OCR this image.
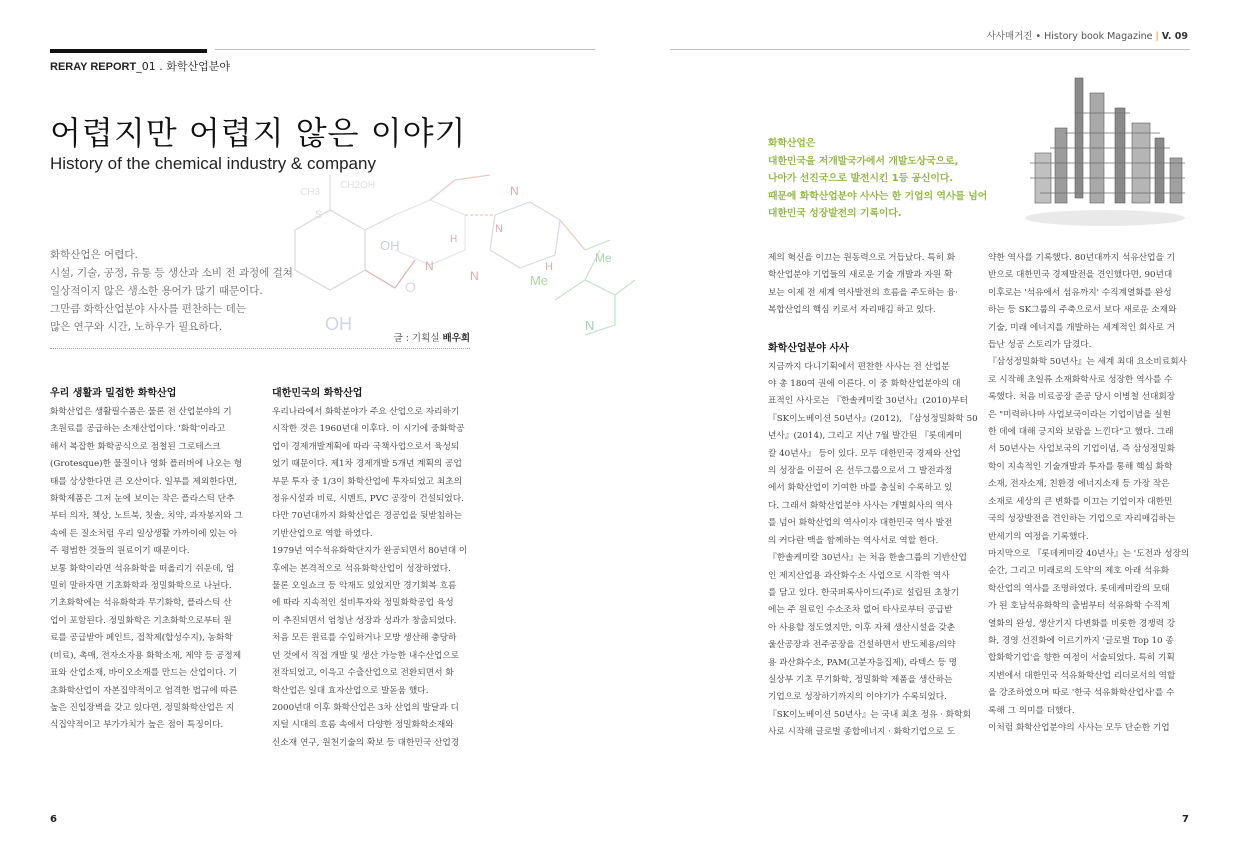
RERAY REPORT_01 . 화학산업분야
OH
OH
O
S
N
N
N
H
Me
Me
N
CH3
CH2OH
H
N
어렵지만 어렵지 않은 이야기
History of the chemical industry & company
화학산업은 어렵다.
시설, 기술, 공정, 유통 등 생산과 소비 전 과정에 걸쳐
일상적이지 않은 생소한 용어가 많기 때문이다.
그만큼 화학산업분야 사사를 편찬하는 데는
많은 연구와 시간, 노하우가 필요하다.
글 : 기획실 배우희
우리 생활과 밀접한 화학산업
화학산업은 생활필수품은 물론 전 산업분야의 기
초원료를 공급하는 소재산업이다. '화학'이라고
해서 복잡한 화학공식으로 점철된 그로테스크
(Grotesque)한 물질이나 영화 플러버에 나오는 형
태를 상상한다면 큰 오산이다. 일부를 제외한다면,
화학제품은 그저 눈에 보이는 작은 플라스틱 단추
부터 의자, 책상, 노트북, 칫솔, 치약, 과자봉지와 그
속에 든 질소처럼 우리 일상생활 가까이에 있는 아
주 평범한 것들의 원료이기 때문이다.
보통 화학이라면 석유화학을 떠올리기 쉬운데, 엄
밀히 말하자면 기초화학과 정밀화학으로 나뉜다.
기초화학에는 석유화학과 무기화학, 플라스틱 산
업이 포함된다. 정밀화학은 기초화학으로부터 원
료를 공급받아 페인트, 접착제(합성수지), 농화학
(비료), 촉매, 전자소자용 화학소재, 제약 등 공정제
표와 산업소재, 바이오소재를 만드는 산업이다. 기
초화학산업이 자본집약적이고 엄격한 법규에 따른
높은 진입장벽을 갖고 있다면, 정밀화학산업은 지
식집약적이고 부가가치가 높은 점이 특징이다.
대한민국의 화학산업
우리나라에서 화학분야가 주요 산업으로 자리하기
시작한 것은 1960년대 이후다. 이 시기에 중화학공
업이 경제개발계획에 따라 국책사업으로서 육성되
었기 때문이다. 제1차 경제개발 5개년 계획의 공업
부문 투자 중 1/3이 화학산업에 투자되었고 최초의
정유시설과 비료, 시멘트, PVC 공장이 건설되었다.
다만 70년대까지 화학산업은 경공업을 뒷받침하는
기반산업으로 역할 하였다.
1979년 여수석유화학단지가 완공되면서 80년대 이
후에는 본격적으로 석유화학산업이 성장하였다.
물론 오일쇼크 등 악재도 있었지만 경기회복 흐름
에 따라 지속적인 설비투자와 정밀화학공업 육성
이 추진되면서 엄청난 성장과 성과가 창출되었다.
처음 모든 원료를 수입하거나 모방 생산해 충당하
던 것에서 직접 개발 및 생산 가능한 내수산업으로
전작되었고, 이윽고 수출산업으로 전환되면서 화
학산업은 일대 효자산업으로 발돋움 했다.
2000년대 이후 화학산업은 3차 산업의 발달과 디
지털 시대의 흐름 속에서 다양한 정밀화학소재와
신소재 연구, 원천기술의 확보 등 대한민국 산업경
6
사사매거진 • History book Magazine | V. 09
화학산업은
대한민국을 저개발국가에서 개발도상국으로,
나아가 선진국으로 발전시킨 1등 공신이다.
때문에 화학산업분야 사사는 한 기업의 역사를 넘어
대한민국 성장발전의 기록이다.
제의 혁신을 이끄는 원동력으로 거듭났다. 특히 화
학산업분야 기업들의 새로운 기술 개발과 자원 확
보는 이제 전 세계 역사발전의 흐름을 주도하는 융·
복합산업의 핵심 키로서 자리매김 하고 있다.
화학산업분야 사사
지금까지 다니기획에서 편찬한 사사는 전 산업분
야 총 180여 권에 이른다. 이 중 화학산업분야의 대
표적인 사사로는 『한솔케미칼 30년사』(2010)부터
『SK이노베이션 50년사』(2012), 『삼성정밀화학 50
년사』(2014), 그리고 지난 7월 발간된 『롯데케미
칼 40년사』 등이 있다. 모두 대한민국 경제와 산업
의 성장을 이끌어 온 선두그룹으로서 그 발전과정
에서 화학산업이 기여한 바를 충실히 수록하고 있
다. 그래서 화학산업분야 사사는 개별회사의 역사
를 넘어 화학산업의 역사이자 대한민국 역사 발전
의 커다란 맥을 함께하는 역사서로 역할 한다.
『한솔케미칼 30년사』는 처음 한솔그룹의 기반산업
인 제지산업용 과산화수소 사업으로 시작한 역사
를 담고 있다. 한국퍼록사이드(주)로 설립된 초창기
에는 주 원료인 수소조차 없어 타사로부터 공급받
아 사용할 정도였지만, 이후 자체 생산시설을 갖춘
울산공장과 전주공장을 건설하면서 반도체용/의약
용 과산화수소, PAM(고분자응집제), 라텍스 등 명
실상부 기초 무기화학, 정밀화학 제품을 생산하는
기업으로 성장하기까지의 이야기가 수록되었다.
『SK이노베이션 50년사』는 국내 최초 정유 · 화학회
사로 시작해 글로벌 종합에너지 · 화학기업으로 도
약한 역사를 기록했다. 80년대까지 석유산업을 기
반으로 대한민국 경제발전을 견인했다면, 90년대
이후로는 '석유에서 섬유까지' 수직계열화를 완성
하는 등 SK그룹의 주축으로서 보다 새로운 소재와
기술, 미래 에너지를 개발하는 세계적인 회사로 거
듭난 성공 스토리가 담겼다.
『삼성정밀화학 50년사』는 세계 최대 요소비료회사
로 시작해 초일류 소재화학사로 성장한 역사를 수
록했다. 처음 비료공장 준공 당시 이병철 선대회장
은 "미력하나마 사업보국이라는 기업이념을 실현
한 데에 대해 긍지와 보람을 느낀다"고 했다. 그래
서 50년사는 사업보국의 기업이념, 즉 삼성정밀화
학이 지속적인 기술개발과 투자를 통해 핵심 화학
소재, 전자소재, 친환경 에너지소재 등 가장 작은
소재로 세상의 큰 변화를 이끄는 기업이자 대한민
국의 성장발전을 견인하는 기업으로 자리매김하는
반세기의 여정을 기록했다.
마지막으로 『롯데케미칼 40년사』는 '도전과 성장의
순간, 그리고 미래로의 도약'의 제호 아래 석유화
학산업의 역사를 조명하였다. 롯데케미칼의 모태
가 된 호남석유화학의 출범부터 석유화학 수직계
열화의 완성, 생산기지 다변화를 비롯한 경쟁력 강
화, 경영 선진화에 이르기까지 '글로벌 Top 10 종
합화학기업'을 향한 여정이 서술되었다. 특히 기획
지변에서 대한민국 석유화학산업 리더로서의 역할
을 강조하였으며 따로 '한국 석유화학산업사'를 수
록해 그 의미를 더했다.
이처럼 화학산업분야의 사사는 모두 단순한 기업
7
